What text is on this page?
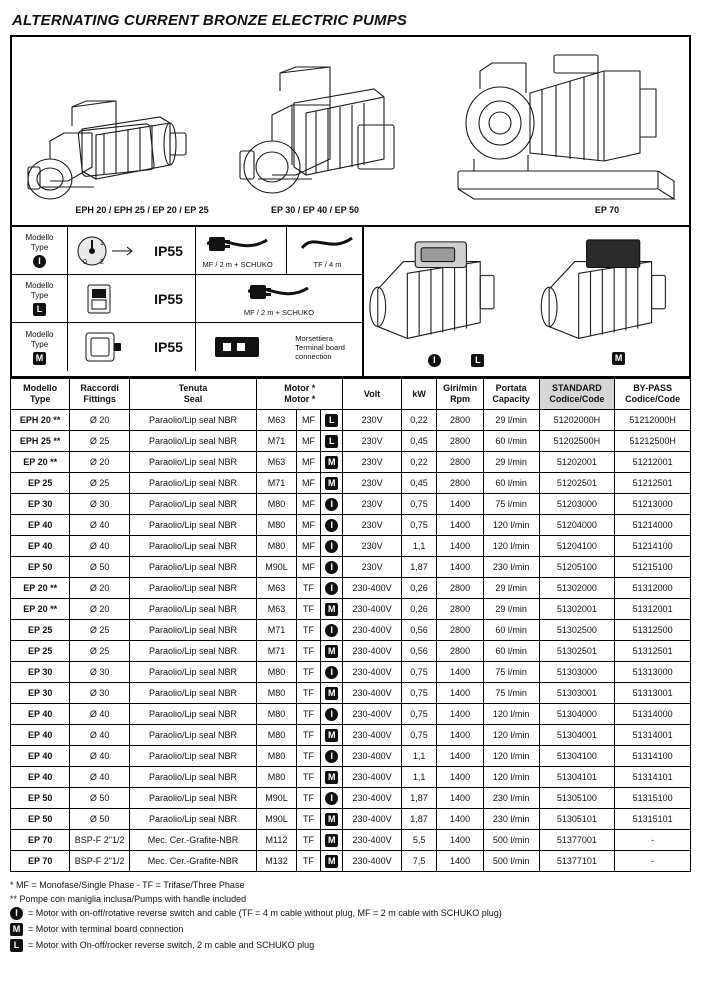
ALTERNATING CURRENT BRONZE ELECTRIC PUMPS
EPH 20 / EPH 25 / EP 20 / EP 25	EP 30 / EP 40 / EP 50	EP 70
Modello
Type
I	0
1
2
IP55
MF / 2 m + SCHUKO	TF / 4 m
Modello
Type
L
IP55
MF / 2 m + SCHUKO
Modello
Type
M
IP55
Morsettiera
Terminal board
connection	I	L	M
Modello
Type

Raccordi
Fittings

Tenuta
Seal

Motor *
Motor *

Volt	kW

Giri/min
Rpm

Portata
Capacity

STANDARD
Codice/Code

BY-PASS
Codice/Code

EPH 20 **	Ø 20	Paraolio/Lip seal NBR	M63	MF	L	230V	0,22	2800	29 l/min	51202000H	51212000H
EPH 25 **	Ø 25	Paraolio/Lip seal NBR	M71	MF	L	230V	0,45	2800	60 l/min	51202500H	51212500H
EP 20 **	Ø 20	Paraolio/Lip seal NBR	M63	MF	M	230V	0,22	2800	29 l/min	51202001	51212001
EP 25	Ø 25	Paraolio/Lip seal NBR	M71	MF	M	230V	0,45	2800	60 l/min	51202501	51212501
EP 30	Ø 30	Paraolio/Lip seal NBR	M80	MF	I	230V	0,75	1400	75 l/min	51203000	51213000
EP 40	Ø 40	Paraolio/Lip seal NBR	M80	MF	I	230V	0,75	1400	120 l/min	51204000	51214000
EP 40	Ø 40	Paraolio/Lip seal NBR	M80	MF	I	230V	1,1	1400	120 l/min	51204100	51214100
EP 50	Ø 50	Paraolio/Lip seal NBR	M90L	MF	I	230V	1,87	1400	230 l/min	51205100	51215100
EP 20 **	Ø 20	Paraolio/Lip seal NBR	M63	TF	I	230-400V	0,26	2800	29 l/min	51302000	51312000
EP 20 **	Ø 20	Paraolio/Lip seal NBR	M63	TF	M	230-400V	0,26	2800	29 l/min	51302001	51312001
EP 25	Ø 25	Paraolio/Lip seal NBR	M71	TF	I	230-400V	0,56	2800	60 l/min	51302500	51312500
EP 25	Ø 25	Paraolio/Lip seal NBR	M71	TF	M	230-400V	0,56	2800	60 l/min	51302501	51312501
EP 30	Ø 30	Paraolio/Lip seal NBR	M80	TF	I	230-400V	0,75	1400	75 l/min	51303000	51313000
EP 30	Ø 30	Paraolio/Lip seal NBR	M80	TF	M	230-400V	0,75	1400	75 l/min	51303001	51313001
EP 40	Ø 40	Paraolio/Lip seal NBR	M80	TF	I	230-400V	0,75	1400	120 l/min	51304000	51314000
EP 40	Ø 40	Paraolio/Lip seal NBR	M80	TF	M	230-400V	0,75	1400	120 l/min	51304001	51314001
EP 40	Ø 40	Paraolio/Lip seal NBR	M80	TF	I	230-400V	1,1	1400	120 l/min	51304100	51314100
EP 40	Ø 40	Paraolio/Lip seal NBR	M80	TF	M	230-400V	1,1	1400	120 l/min	51304101	51314101
EP 50	Ø 50	Paraolio/Lip seal NBR	M90L	TF	I	230-400V	1,87	1400	230 l/min	51305100	51315100
EP 50	Ø 50	Paraolio/Lip seal NBR	M90L	TF	M	230-400V	1,87	1400	230 l/min	51305101	51315101
EP 70	BSP-F 2"1/2	Mec. Cer.-Grafite-NBR	M112	TF	M	230-400V	5,5	1400	500 l/min	51377001	-
EP 70	BSP-F 2"1/2	Mec. Cer.-Grafite-NBR	M132	TF	M	230-400V	7,5	1400	500 l/min	51377101	-
* MF = Monofase/Single Phase - TF = Trifase/Three Phase
** Pompe con maniglia inclusa/Pumps with handle included
I	= Motor with on-off/rotative reverse switch and cable (TF = 4 m cable without plug, MF = 2 m cable with SCHUKO plug)
M = Motor with terminal board connection
L = Motor with On-off/rocker reverse switch, 2 m cable and SCHUKO plug
